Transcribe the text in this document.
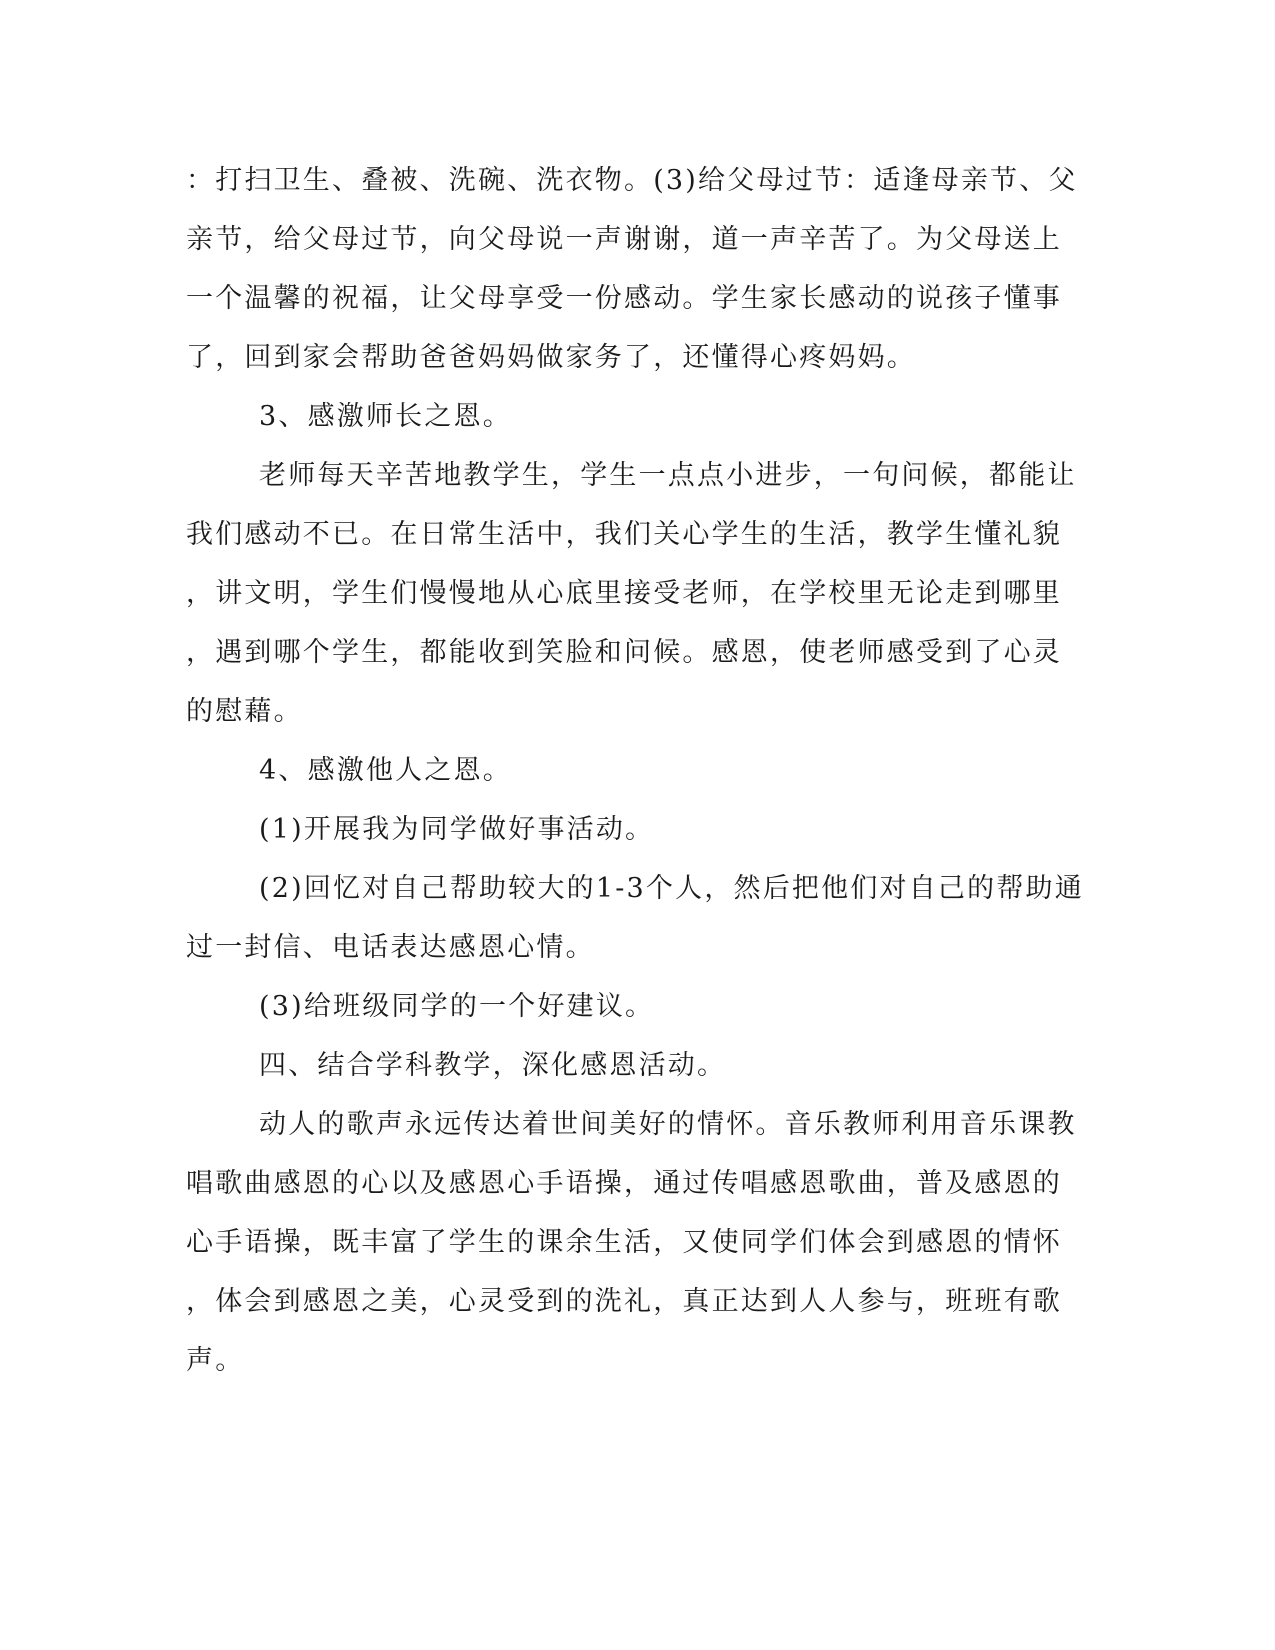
：打扫卫生、叠被、洗碗、洗衣物。(3)给父母过节：适逢母亲节、父
亲节，给父母过节，向父母说一声谢谢，道一声辛苦了。为父母送上
一个温馨的祝福，让父母享受一份感动。学生家长感动的说孩子懂事
了，回到家会帮助爸爸妈妈做家务了，还懂得心疼妈妈。
3、感激师长之恩。
老师每天辛苦地教学生，学生一点点小进步，一句问候，都能让
我们感动不已。在日常生活中，我们关心学生的生活，教学生懂礼貌
，讲文明，学生们慢慢地从心底里接受老师，在学校里无论走到哪里
，遇到哪个学生，都能收到笑脸和问候。感恩，使老师感受到了心灵
的慰藉。
4、感激他人之恩。
(1)开展我为同学做好事活动。
(2)回忆对自己帮助较大的1-3个人，然后把他们对自己的帮助通
过一封信、电话表达感恩心情。
(3)给班级同学的一个好建议。
四、结合学科教学，深化感恩活动。
动人的歌声永远传达着世间美好的情怀。音乐教师利用音乐课教
唱歌曲感恩的心以及感恩心手语操，通过传唱感恩歌曲，普及感恩的
心手语操，既丰富了学生的课余生活，又使同学们体会到感恩的情怀
，体会到感恩之美，心灵受到的洗礼，真正达到人人参与，班班有歌
声。
